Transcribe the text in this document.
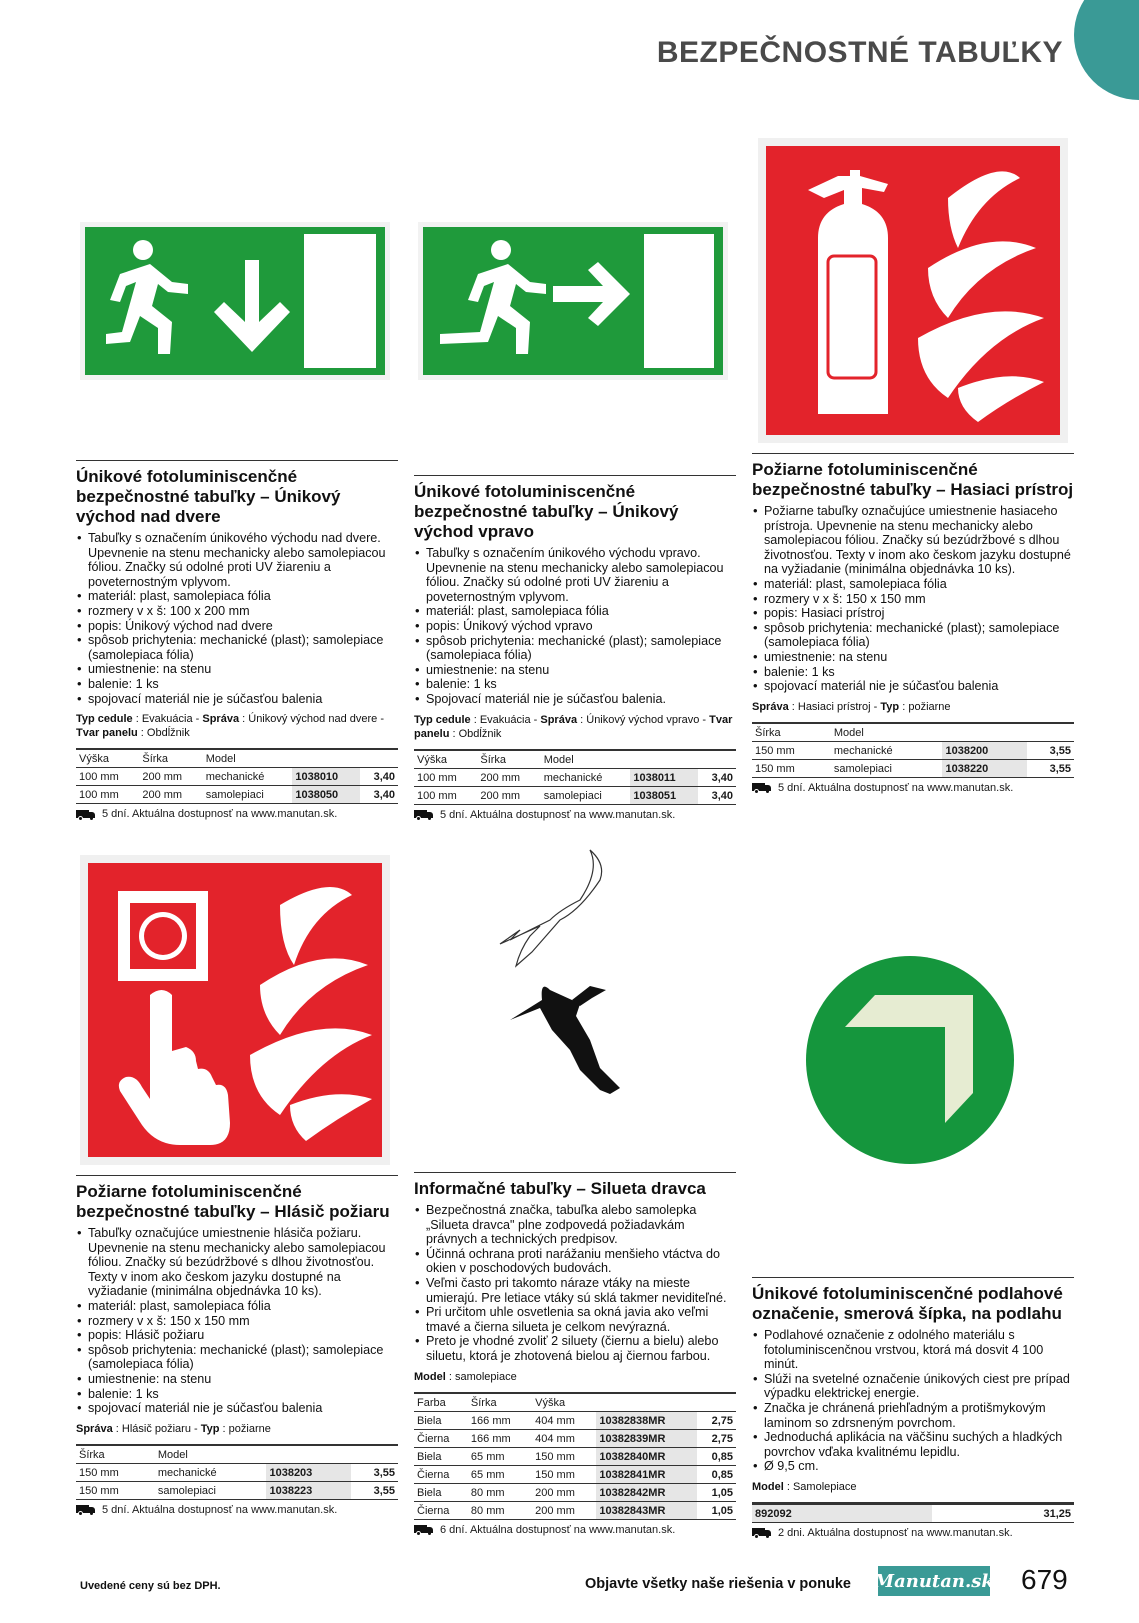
BEZPEČNOSTNÉ TABUĽKY
Únikové fotoluminiscenčné bezpečnostné tabuľky – Únikový východ nad dvere
• Tabuľky s označením únikového východu nad dvere. Upevnenie na stenu mechanicky alebo samolepiacou fóliou. Značky sú odolné proti UV žiareniu a poveternostným vplyvom.
• materiál: plast, samolepiaca fólia
• rozmery v x š: 100 x 200 mm
• popis: Únikový východ nad dvere
• spôsob prichytenia: mechanické (plast); samolepiace (samolepiaca fólia)
• umiestnenie: na stenu
• balenie: 1 ks
• spojovací materiál nie je súčasťou balenia
Typ cedule : Evakuácia - Správa : Únikový východ nad dvere - Tvar panelu : Obdĺžnik
Výška	Šírka	Model		
100 mm	200 mm	mechanické	1038010	3,40
100 mm	200 mm	samolepiaci	1038050	3,40
5 dní. Aktuálna dostupnosť na www.manutan.sk.
Únikové fotoluminiscenčné bezpečnostné tabuľky – Únikový východ vpravo
• Tabuľky s označením únikového východu vpravo. Upevnenie na stenu mechanicky alebo samolepiacou fóliou. Značky sú odolné proti UV žiareniu a poveternostným vplyvom.
• materiál: plast, samolepiaca fólia
• popis: Únikový východ vpravo
• spôsob prichytenia: mechanické (plast); samolepiace (samolepiaca fólia)
• umiestnenie: na stenu
• balenie: 1 ks
• Spojovací materiál nie je súčasťou balenia.
Typ cedule : Evakuácia - Správa : Únikový východ vpravo - Tvar panelu : Obdĺžnik
Výška	Šírka	Model		
100 mm	200 mm	mechanické	1038011	3,40
100 mm	200 mm	samolepiaci	1038051	3,40
5 dní. Aktuálna dostupnosť na www.manutan.sk.
Požiarne fotoluminiscenčné bezpečnostné tabuľky – Hasiaci prístroj
• Požiarne tabuľky označujúce umiestnenie hasiaceho prístroja. Upevnenie na stenu mechanicky alebo samolepiacou fóliou. Značky sú bezúdržbové s dlhou životnosťou. Texty v inom ako českom jazyku dostupné na vyžiadanie (minimálna objednávka 10 ks).
• materiál: plast, samolepiaca fólia
• rozmery v x š: 150 x 150 mm
• popis: Hasiaci prístroj
• spôsob prichytenia: mechanické (plast); samolepiace (samolepiaca fólia)
• umiestnenie: na stenu
• balenie: 1 ks
• spojovací materiál nie je súčasťou balenia
Správa : Hasiaci prístroj - Typ : požiarne
Šírka	Model		
150 mm	mechanické	1038200	3,55
150 mm	samolepiaci	1038220	3,55
5 dní. Aktuálna dostupnosť na www.manutan.sk.
Požiarne fotoluminiscenčné bezpečnostné tabuľky – Hlásič požiaru
• Tabuľky označujúce umiestnenie hlásiča požiaru. Upevnenie na stenu mechanicky alebo samolepiacou fóliou. Značky sú bezúdržbové s dlhou životnosťou. Texty v inom ako českom jazyku dostupné na vyžiadanie (minimálna objednávka 10 ks).
• materiál: plast, samolepiaca fólia
• rozmery v x š: 150 x 150 mm
• popis: Hlásič požiaru
• spôsob prichytenia: mechanické (plast); samolepiace (samolepiaca fólia)
• umiestnenie: na stenu
• balenie: 1 ks
• spojovací materiál nie je súčasťou balenia
Správa : Hlásič požiaru - Typ : požiarne
Šírka	Model		
150 mm	mechanické	1038203	3,55
150 mm	samolepiaci	1038223	3,55
5 dní. Aktuálna dostupnosť na www.manutan.sk.
Informačné tabuľky – Silueta dravca
• Bezpečnostná značka, tabuľka alebo samolepka „Silueta dravca" plne zodpovedá požiadavkám právnych a technických predpisov.
• Účinná ochrana proti narážaniu menšieho vtáctva do okien v poschodových budovách.
• Veľmi často pri takomto náraze vtáky na mieste umierajú. Pre letiace vtáky sú sklá takmer neviditeľné.
• Pri určitom uhle osvetlenia sa okná javia ako veľmi tmavé a čierna silueta je celkom nevýrazná.
• Preto je vhodné zvoliť 2 siluety (čiernu a bielu) alebo siluetu, ktorá je zhotovená bielou aj čiernou farbou.
Model : samolepiace
Farba	Šírka	Výška		
Biela	166 mm	404 mm	10382838MR	2,75
Čierna	166 mm	404 mm	10382839MR	2,75
Biela	65 mm	150 mm	10382840MR	0,85
Čierna	65 mm	150 mm	10382841MR	0,85
Biela	80 mm	200 mm	10382842MR	1,05
Čierna	80 mm	200 mm	10382843MR	1,05
6 dní. Aktuálna dostupnosť na www.manutan.sk.
Únikové fotoluminiscenčné podlahové označenie, smerová šípka, na podlahu
• Podlahové označenie z odolného materiálu s fotoluminiscenčnou vrstvou, ktorá má dosvit 4 100 minút.
• Slúži na svetelné označenie únikových ciest pre prípad výpadku elektrickej energie.
• Značka je chránená priehľadným a protišmykovým laminom so zdrsneným povrchom.
• Jednoduchá aplikácia na väčšinu suchých a hladkých povrchov vďaka kvalitnému lepidlu.
• Ø 9,5 cm.
Model : Samolepiace

892092	31,25
2 dni. Aktuálna dostupnosť na www.manutan.sk.
Uvedené ceny sú bez DPH.	Objavte všetky naše riešenia v ponuke Manutan.sk 679
